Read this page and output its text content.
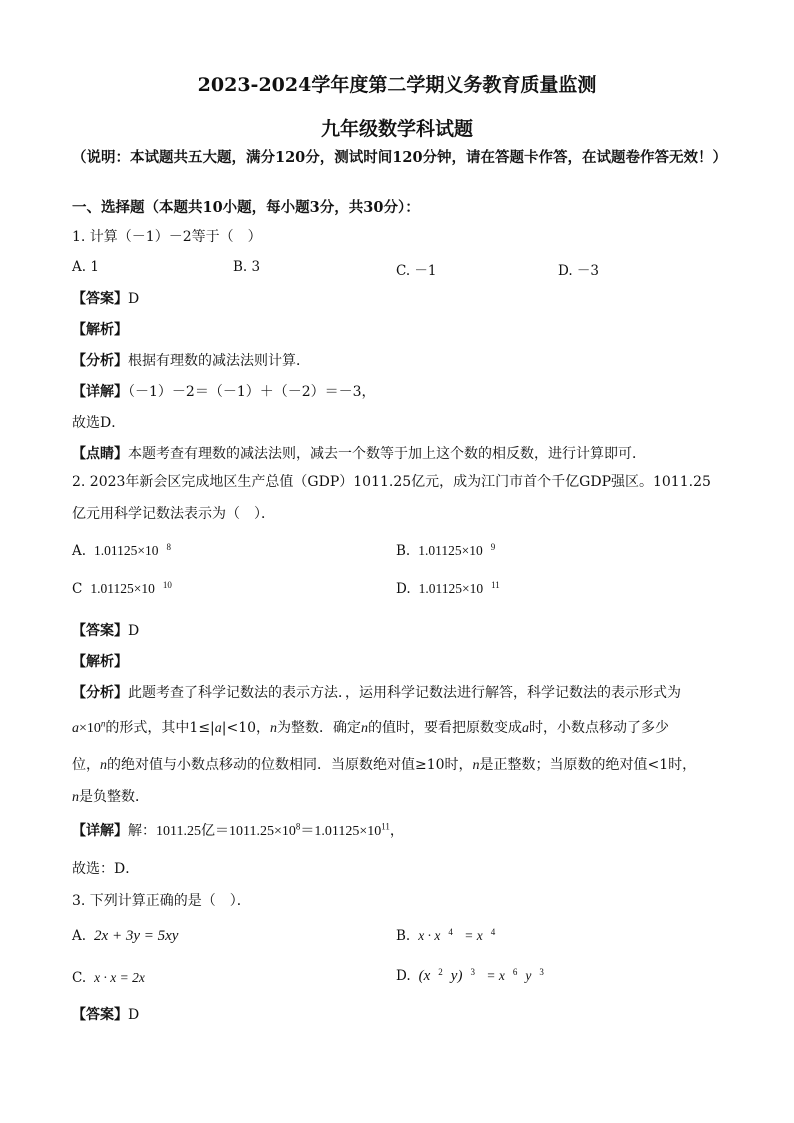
2023-2024学年度第二学期义务教育质量监测
九年级数学科试题
（说明：本试题共五大题，满分120分，测试时间120分钟，请在答题卡作答，在试题卷作答无效！）
一、选择题（本题共10小题，每小题3分，共30分）：
1. 计算（－1）－2等于（　）
A. 1	B. 3	C. －1	D. －3
【答案】D
【解析】
【分析】根据有理数的减法法则计算．
【详解】（－1）－2＝（－1）＋（－2）＝－3，
故选D．
【点睛】本题考查有理数的减法法则，减去一个数等于加上这个数的相反数，进行计算即可．
2. 2023年新会区完成地区生产总值（GDP）1011.25亿元，成为江门市首个千亿GDP强区。1011.25亿元用科学记数法表示为（　）．
A. 1.01125×10 $^8$	B. 1.01125×10 $^9$
C 1.01125×10 $^{10}$	D. 1.01125×10 $^{11}$
【答案】D
【解析】
【分析】此题考查了科学记数法的表示方法．，运用科学记数法进行解答，科学记数法的表示形式为
$a\times 10^n$的形式，其中1≤|a|<10，n为整数．确定n的值时，要看把原数变成a时，小数点移动了多少
位，n的绝对值与小数点移动的位数相同．当原数绝对值≥10时，n是正整数；当原数的绝对值<1时，
n是负整数．
【详解】解：1011.25亿$=1011.25\times 10^8=1.01125\times 10^{11}$，
故选：D．
3. 下列计算正确的是（　）．
A. 2x + 3y = 5xy	B. x · x $^4$ = x $^4$
C. x · x = 2x	D. (x $^2$ y) $^3$ = x $^6$ y $^3$
【答案】D
